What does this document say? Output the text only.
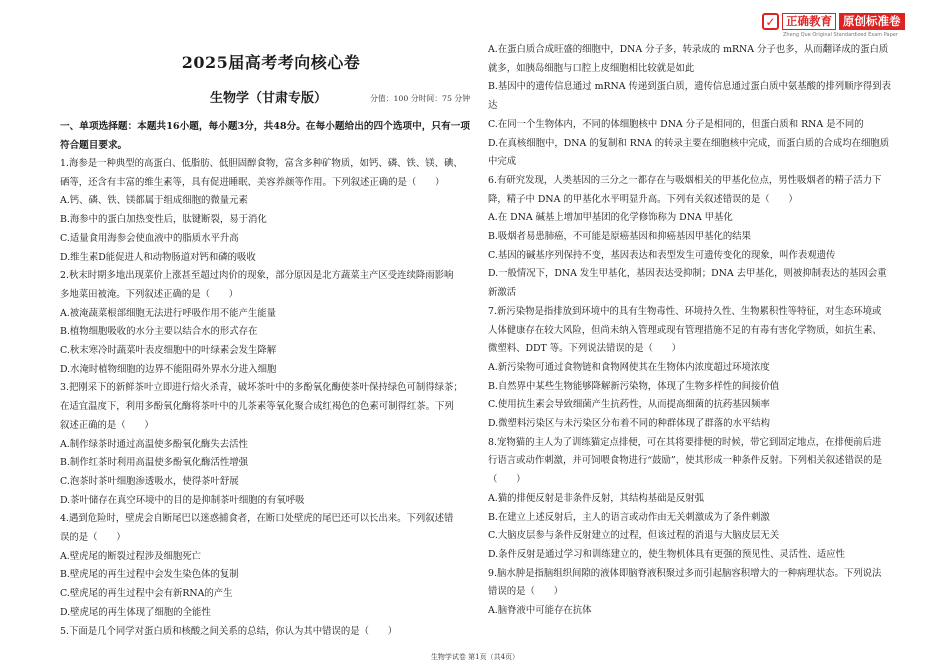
✓ 正确教育 原创标准卷
Zheng Que Original Standardized Exam Paper
2025届高考考向核心卷
生物学（甘肃专版）	分值：100 分时间：75 分钟
一、单项选择题：本题共16小题，每小题3分，共48分。在每小题给出的四个选项中，只有一项符合题目要求。
1.海参是一种典型的高蛋白、低脂肪、低胆固醇食物，富含多种矿物质，如钙、磷、铁、镁、碘、
硒等，还含有丰富的维生素等，具有促进睡眠、美容养颜等作用。下列叙述正确的是（　　）
A.钙、磷、铁、镁都属于组成细胞的微量元素
B.海参中的蛋白加热变性后，肽键断裂，易于消化
C.适量食用海参会使血液中的脂质水平升高
D.维生素D能促进人和动物肠道对钙和磷的吸收
2.秋末时期多地出现菜价上涨甚至超过肉价的现象，部分原因是北方蔬菜主产区受连续降雨影响
多地菜田被淹。下列叙述正确的是（　　）
A.被淹蔬菜根部细胞无法进行呼吸作用不能产生能量
B.植物细胞吸收的水分主要以结合水的形式存在
C.秋末寒冷时蔬菜叶表皮细胞中的叶绿素会发生降解
D.水淹时植物细胞的边界不能阻碍外界水分进入细胞
3.把刚采下的新鲜茶叶立即进行焙火杀青，破坏茶叶中的多酚氧化酶使茶叶保持绿色可制得绿茶；
在适宜温度下，利用多酚氧化酶将茶叶中的儿茶素等氧化聚合成红褐色的色素可制得红茶。下列
叙述正确的是（　　）
A.制作绿茶时通过高温使多酚氧化酶失去活性
B.制作红茶时利用高温使多酚氧化酶活性增强
C.泡茶时茶叶细胞渗透吸水，使得茶叶舒展
D.茶叶储存在真空环境中的目的是抑制茶叶细胞的有氧呼吸
4.遇到危险时，壁虎会自断尾巴以迷惑捕食者，在断口处壁虎的尾巴还可以长出来。下列叙述错
误的是（　　）
A.壁虎尾的断裂过程涉及细胞死亡
B.壁虎尾的再生过程中会发生染色体的复制
C.壁虎尾的再生过程中会有新RNA的产生
D.壁虎尾的再生体现了细胞的全能性
5.下面是几个同学对蛋白质和核酸之间关系的总结，你认为其中错误的是（　　）
A.在蛋白质合成旺盛的细胞中，DNA 分子多，转录成的 mRNA 分子也多，从而翻译成的蛋白质
就多，如胰岛细胞与口腔上皮细胞相比较就是如此
B.基因中的遗传信息通过 mRNA 传递到蛋白质，遗传信息通过蛋白质中氨基酸的排列顺序得到表
达
C.在同一个生物体内，不同的体细胞核中 DNA 分子是相同的，但蛋白质和 RNA 是不同的
D.在真核细胞中，DNA 的复制和 RNA 的转录主要在细胞核中完成，而蛋白质的合成均在细胞质
中完成
6.有研究发现，人类基因的三分之一都存在与吸烟相关的甲基化位点，男性吸烟者的精子活力下
降，精子中 DNA 的甲基化水平明显升高。下列有关叙述错误的是（　　）
A.在 DNA 碱基上增加甲基团的化学修饰称为 DNA 甲基化
B.吸烟者易患肺癌，不可能是原癌基因和抑癌基因甲基化的结果
C.基因的碱基序列保持不变，基因表达和表型发生可遗传变化的现象，叫作表观遗传
D.一般情况下，DNA 发生甲基化，基因表达受抑制；DNA 去甲基化，则被抑制表达的基因会重
新激活
7.新污染物是指排放到环境中的具有生物毒性、环境持久性、生物累积性等特征，对生态环境或
人体健康存在较大风险，但尚未纳入管理或现有管理措施不足的有毒有害化学物质，如抗生素、
微塑料、DDT 等。下列说法错误的是（　　）
A.新污染物可通过食物链和食物网使其在生物体内浓度超过环境浓度
B.自然界中某些生物能够降解新污染物，体现了生物多样性的间接价值
C.使用抗生素会导致细菌产生抗药性，从而提高细菌的抗药基因频率
D.微塑料污染区与未污染区分布着不同的种群体现了群落的水平结构
8.宠物猫的主人为了训练猫定点排便，可在其将要排便的时候，带它到固定地点，在排便前后进
行语言或动作刺激，并可饲喂食物进行“鼓励”，使其形成一种条件反射。下列相关叙述错误的是
（　　）
A.猫的排便反射是非条件反射，其结构基础是反射弧
B.在建立上述反射后，主人的语言或动作由无关刺激成为了条件刺激
C.大脑皮层参与条件反射建立的过程，但该过程的消退与大脑皮层无关
D.条件反射是通过学习和训练建立的，使生物机体具有更强的预见性、灵活性、适应性
9.脑水肿是指脑组织间隙的液体即脑脊液积聚过多而引起脑容积增大的一种病理状态。下列说法
错误的是（　　）
A.脑脊液中可能存在抗体
生物学试卷 第1页（共4页）
